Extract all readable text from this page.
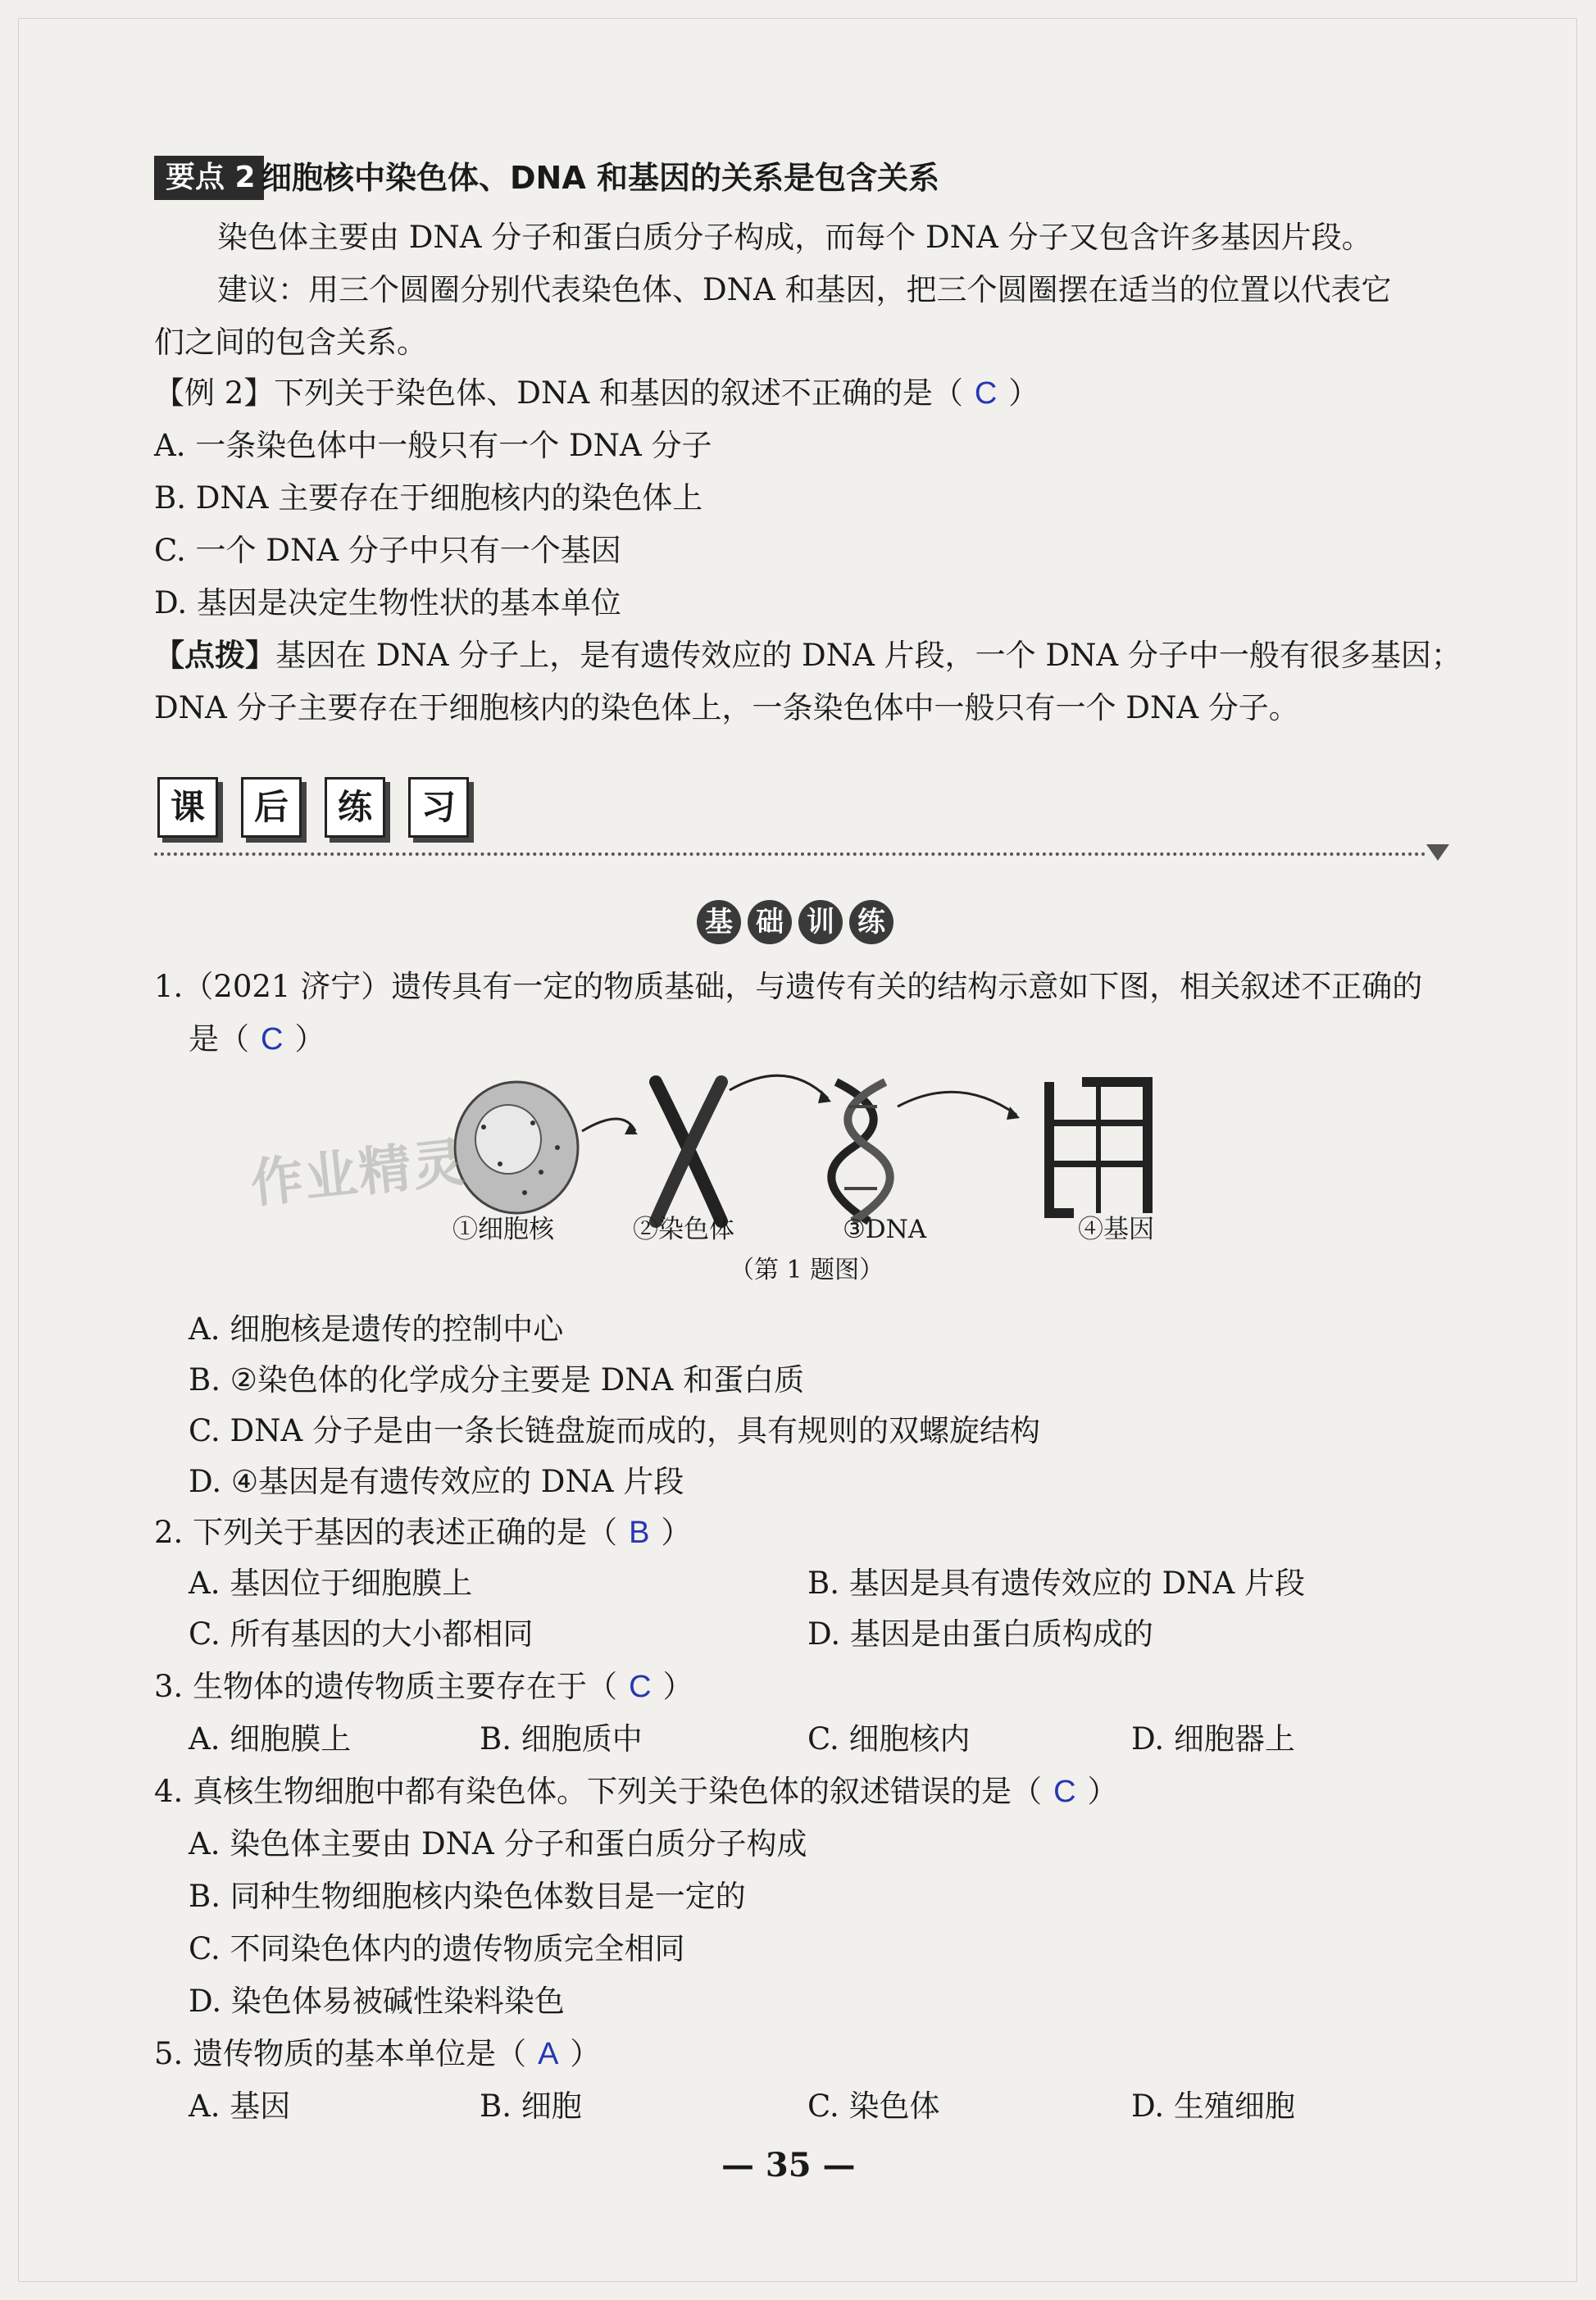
要点 2 细胞核中染色体、DNA 和基因的关系是包含关系
染色体主要由 DNA 分子和蛋白质分子构成，而每个 DNA 分子又包含许多基因片段。
建议：用三个圆圈分别代表染色体、DNA 和基因，把三个圆圈摆在适当的位置以代表它
们之间的包含关系。
【例 2】下列关于染色体、DNA 和基因的叙述不正确的是（ C ）
A. 一条染色体中一般只有一个 DNA 分子
B. DNA 主要存在于细胞核内的染色体上
C. 一个 DNA 分子中只有一个基因
D. 基因是决定生物性状的基本单位
【点拨】基因在 DNA 分子上，是有遗传效应的 DNA 片段，一个 DNA 分子中一般有很多基因；
DNA 分子主要存在于细胞核内的染色体上，一条染色体中一般只有一个 DNA 分子。
课	后	练	习
基 础 训 练
1.（2021 济宁）遗传具有一定的物质基础，与遗传有关的结构示意如下图，相关叙述不正确的
是（ C ）
①细胞核	②染色体	③DNA	④基因
（第 1 题图）
作业精灵
A. 细胞核是遗传的控制中心
B. ②染色体的化学成分主要是 DNA 和蛋白质
C. DNA 分子是由一条长链盘旋而成的，具有规则的双螺旋结构
D. ④基因是有遗传效应的 DNA 片段
2. 下列关于基因的表述正确的是（ B ）
A. 基因位于细胞膜上	B. 基因是具有遗传效应的 DNA 片段
C. 所有基因的大小都相同	D. 基因是由蛋白质构成的
3. 生物体的遗传物质主要存在于（ C ）
A. 细胞膜上	B. 细胞质中	C. 细胞核内	D. 细胞器上
4. 真核生物细胞中都有染色体。下列关于染色体的叙述错误的是（ C ）
A. 染色体主要由 DNA 分子和蛋白质分子构成
B. 同种生物细胞核内染色体数目是一定的
C. 不同染色体内的遗传物质完全相同
D. 染色体易被碱性染料染色
5. 遗传物质的基本单位是（ A ）
A. 基因	B. 细胞	C. 染色体	D. 生殖细胞
— 35 —
